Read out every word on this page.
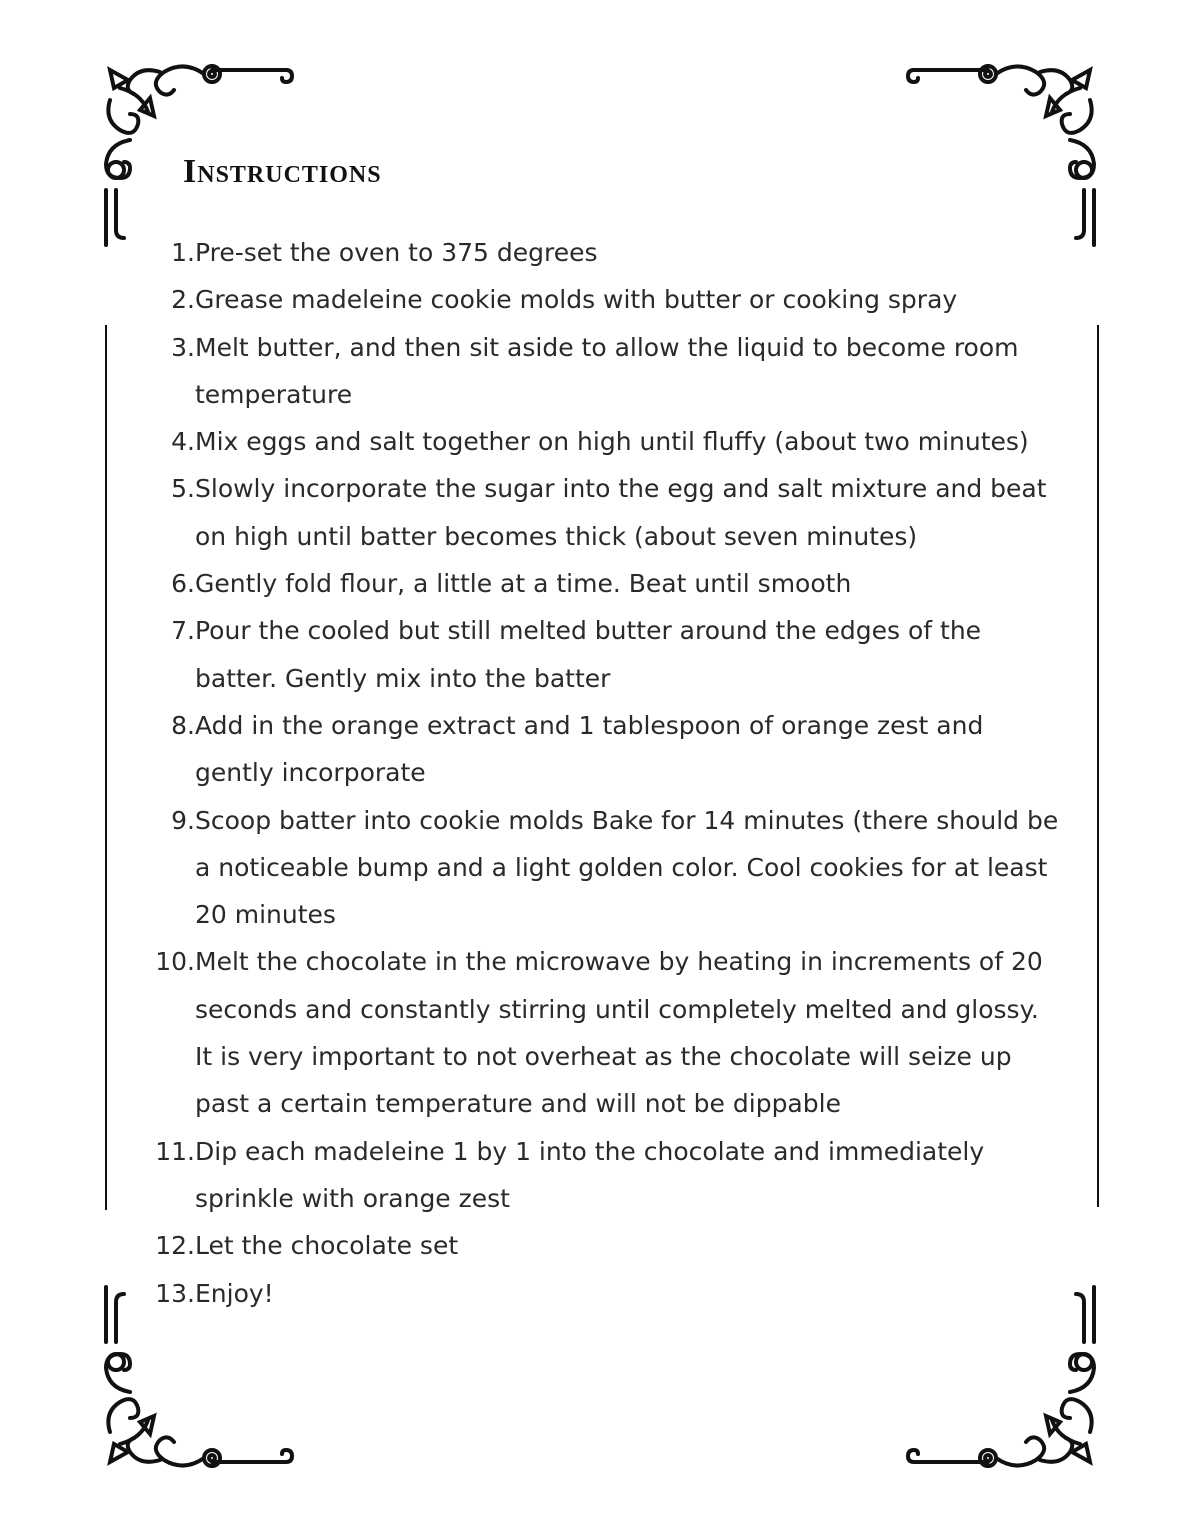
Instructions
1. Pre-set the oven to 375 degrees
2. Grease madeleine cookie molds with butter or cooking spray
3. Melt butter, and then sit aside to allow the liquid to become room temperature
4. Mix eggs and salt together on high until fluffy (about two minutes)
5. Slowly incorporate the sugar into the egg and salt mixture and beat on high until batter becomes thick (about seven minutes)
6. Gently fold flour, a little at a time. Beat until smooth
7. Pour the cooled but still melted butter around the edges of the batter. Gently mix into the batter
8. Add in the orange extract and 1 tablespoon of orange zest and gently incorporate
9. Scoop batter into cookie molds Bake for 14 minutes (there should be a noticeable bump and a light golden color. Cool cookies for at least 20 minutes
10. Melt the chocolate in the microwave by heating in increments of 20 seconds and constantly stirring until completely melted and glossy. It is very important to not overheat as the chocolate will seize up past a certain temperature and will not be dippable
11. Dip each madeleine 1 by 1 into the chocolate and immediately sprinkle with orange zest
12. Let the chocolate set
13. Enjoy!
